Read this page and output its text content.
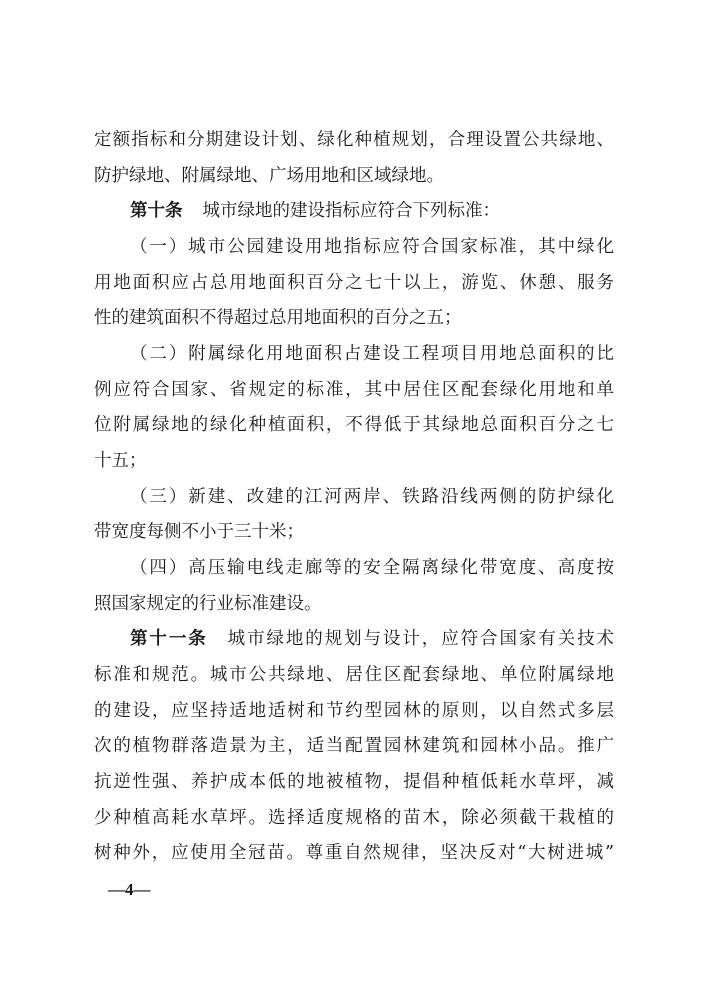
定额指标和分期建设计划、绿化种植规划，合理设置公共绿地、
防护绿地、附属绿地、广场用地和区域绿地。
第十条 城市绿地的建设指标应符合下列标准：
（一）城市公园建设用地指标应符合国家标准，其中绿化
用地面积应占总用地面积百分之七十以上，游览、休憩、服务
性的建筑面积不得超过总用地面积的百分之五；
（二）附属绿化用地面积占建设工程项目用地总面积的比
例应符合国家、省规定的标准，其中居住区配套绿化用地和单
位附属绿地的绿化种植面积，不得低于其绿地总面积百分之七
十五；
（三）新建、改建的江河两岸、铁路沿线两侧的防护绿化
带宽度每侧不小于三十米；
（四）高压输电线走廊等的安全隔离绿化带宽度、高度按
照国家规定的行业标准建设。
第十一条 城市绿地的规划与设计，应符合国家有关技术
标准和规范。城市公共绿地、居住区配套绿地、单位附属绿地
的建设，应坚持适地适树和节约型园林的原则，以自然式多层
次的植物群落造景为主，适当配置园林建筑和园林小品。推广
抗逆性强、养护成本低的地被植物，提倡种植低耗水草坪，减
少种植高耗水草坪。选择适度规格的苗木，除必须截干栽植的
树种外，应使用全冠苗。尊重自然规律，坚决反对“大树进城”
—4—
